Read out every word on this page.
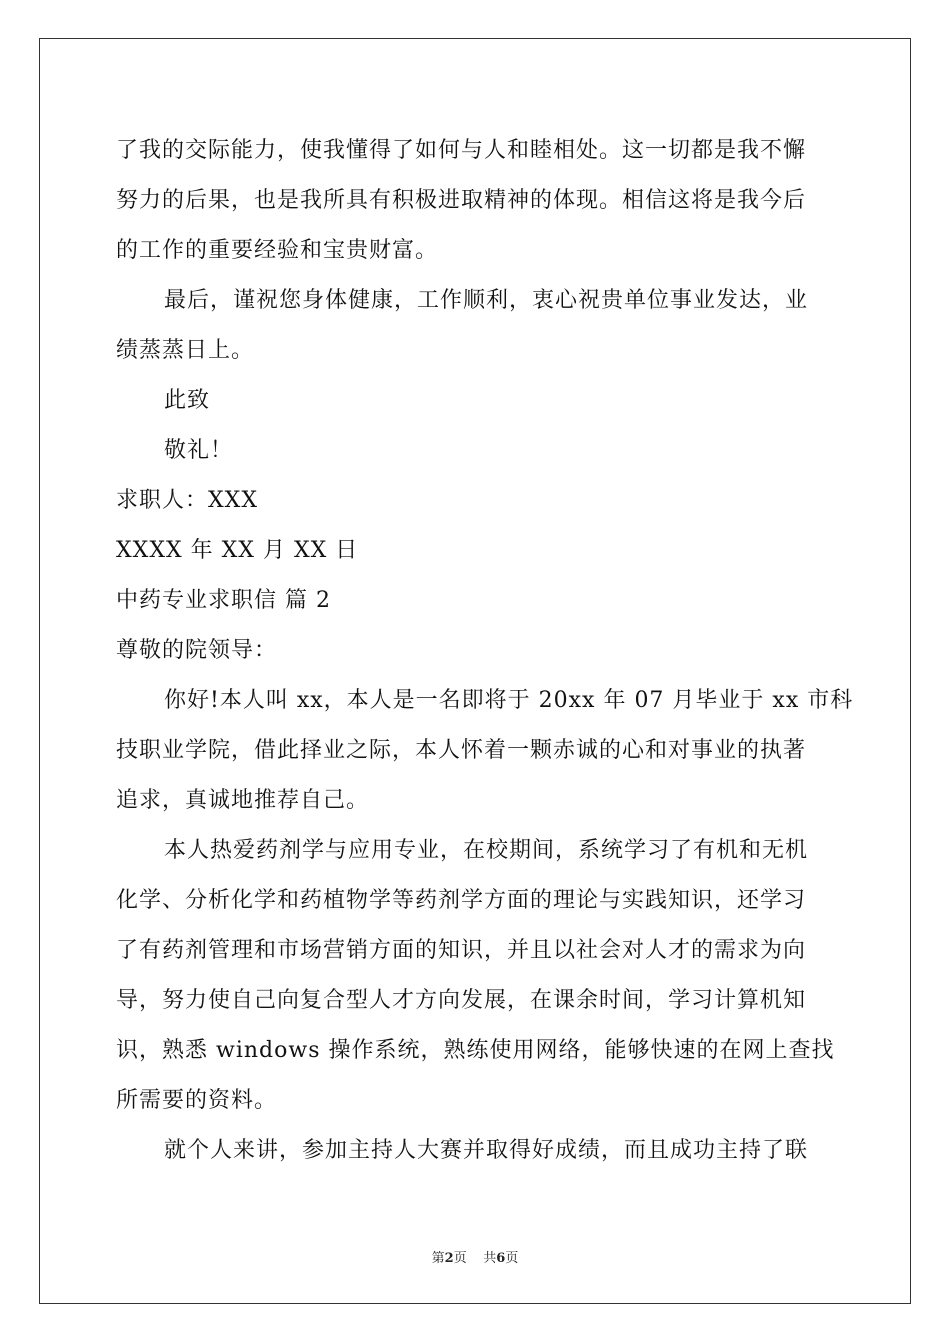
了我的交际能力，使我懂得了如何与人和睦相处。这一切都是我不懈
努力的后果，也是我所具有积极进取精神的体现。相信这将是我今后
的工作的重要经验和宝贵财富。
最后，谨祝您身体健康，工作顺利，衷心祝贵单位事业发达，业
绩蒸蒸日上。
此致
敬礼！
求职人：XXX
XXXX 年 XX 月 XX 日
中药专业求职信 篇 2
尊敬的院领导：
你好!本人叫 xx，本人是一名即将于 20xx 年 07 月毕业于 xx 市科
技职业学院，借此择业之际，本人怀着一颗赤诚的心和对事业的执著
追求，真诚地推荐自己。
本人热爱药剂学与应用专业，在校期间，系统学习了有机和无机
化学、分析化学和药植物学等药剂学方面的理论与实践知识，还学习
了有药剂管理和市场营销方面的知识，并且以社会对人才的需求为向
导，努力使自己向复合型人才方向发展，在课余时间，学习计算机知
识，熟悉 windows 操作系统，熟练使用网络，能够快速的在网上查找
所需要的资料。
就个人来讲，参加主持人大赛并取得好成绩，而且成功主持了联
第2页 共6页
